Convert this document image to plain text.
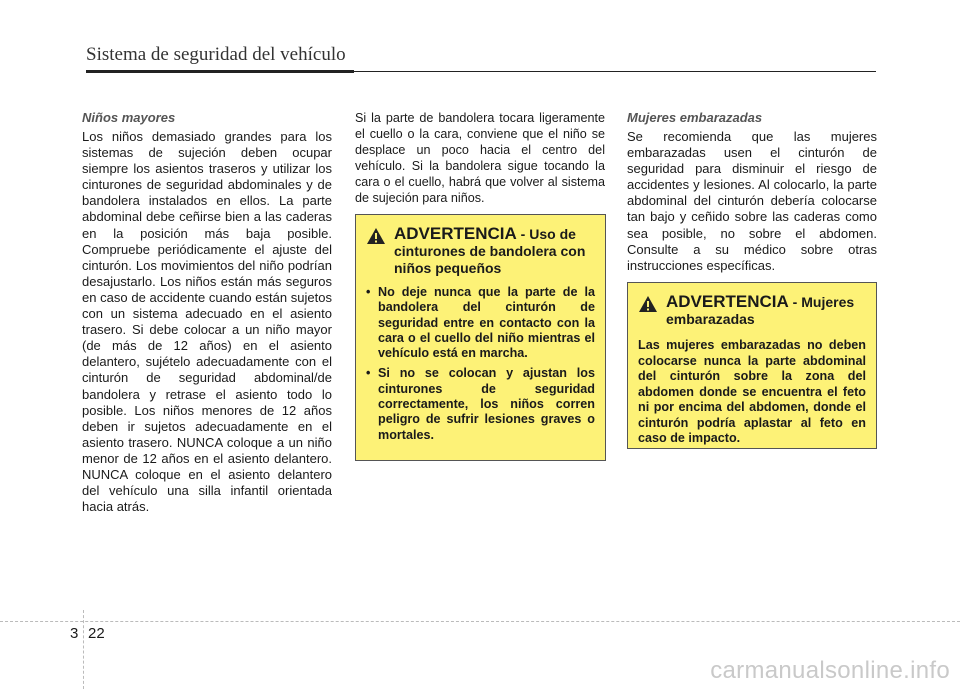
Sistema de seguridad del vehículo

Niños mayores

Los niños demasiado grandes para los sistemas de sujeción deben ocupar siempre los asientos traseros y utilizar los cinturones de seguridad abdominales y de bandolera instalados en ellos. La parte abdominal debe ceñirse bien a las caderas en la posición más baja posible. Compruebe periódicamente el ajuste del cinturón. Los movimientos del niño podrían desajustarlo. Los niños están más seguros en caso de accidente cuando están sujetos con un sistema adecuado en el asiento trasero. Si debe colocar a un niño mayor (de más de 12 años) en el asiento delantero, sujételo adecuadamente con el cinturón de seguridad abdominal/de bandolera y retrase el asiento todo lo posible. Los niños menores de 12 años deben ir sujetos adecuadamente en el asiento trasero. NUNCA coloque a un niño menor de 12 años en el asiento delantero. NUNCA coloque en el asiento delantero del vehículo una silla infantil orientada hacia atrás.

Si la parte de bandolera tocara ligeramente el cuello o la cara, conviene que el niño se desplace un poco hacia el centro del vehículo. Si la bandolera sigue tocando la cara o el cuello, habrá que volver al sistema de sujeción para niños.

ADVERTENCIA - Uso de cinturones de bandolera con niños pequeños
• No deje nunca que la parte de la bandolera del cinturón de seguridad entre en contacto con la cara o el cuello del niño mientras el vehículo está en marcha.
• Si no se colocan y ajustan los cinturones de seguridad correctamente, los niños corren peligro de sufrir lesiones graves o mortales.

Mujeres embarazadas

Se recomienda que las mujeres embarazadas usen el cinturón de seguridad para disminuir el riesgo de accidentes y lesiones. Al colocarlo, la parte abdominal del cinturón debería colocarse tan bajo y ceñido sobre las caderas como sea posible, no sobre el abdomen. Consulte a su médico sobre otras instrucciones específicas.

ADVERTENCIA - Mujeres embarazadas

Las mujeres embarazadas no deben colocarse nunca la parte abdominal del cinturón sobre la zona del abdomen donde se encuentra el feto ni por encima del abdomen, donde el cinturón podría aplastar al feto en caso de impacto.

3 22
carmanualsonline.info
